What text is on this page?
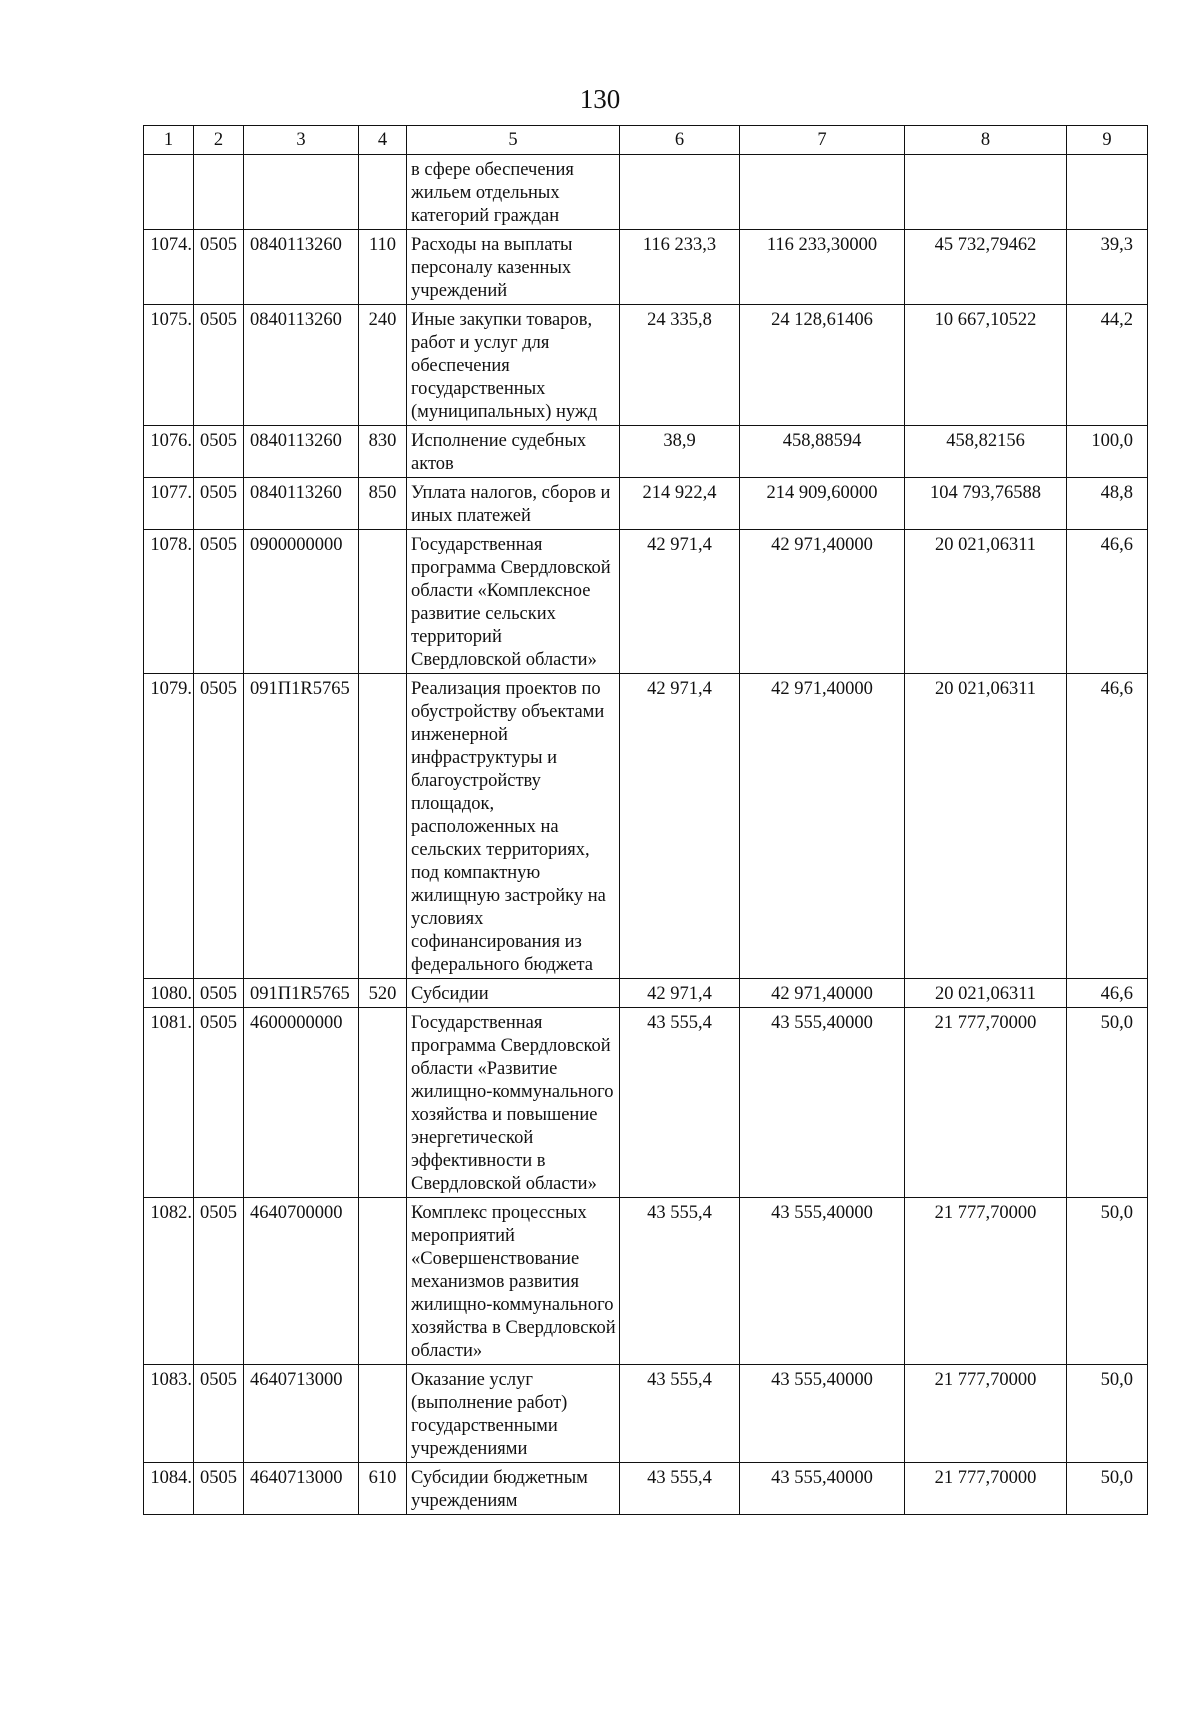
130
1	2	3	4	5	6	7	8	9
				в сфере обеспечения жильем отдельных категорий граждан				
1074.	0505	0840113260	110	Расходы на выплаты персоналу казенных учреждений	116 233,3	116 233,30000	45 732,79462	39,3
1075.	0505	0840113260	240	Иные закупки товаров, работ и услуг для обеспечения государственных (муниципальных) нужд	24 335,8	24 128,61406	10 667,10522	44,2
1076.	0505	0840113260	830	Исполнение судебных актов	38,9	458,88594	458,82156	100,0
1077.	0505	0840113260	850	Уплата налогов, сборов и иных платежей	214 922,4	214 909,60000	104 793,76588	48,8
1078.	0505	0900000000		Государственная программа Свердловской области «Комплексное развитие сельских территорий Свердловской области»	42 971,4	42 971,40000	20 021,06311	46,6
1079.	0505	091П1R5765		Реализация проектов по обустройству объектами инженерной инфраструктуры и благоустройству площадок, расположенных на сельских территориях, под компактную жилищную застройку на условиях софинансирования из федерального бюджета	42 971,4	42 971,40000	20 021,06311	46,6
1080.	0505	091П1R5765	520	Субсидии	42 971,4	42 971,40000	20 021,06311	46,6
1081.	0505	4600000000		Государственная программа Свердловской области «Развитие жилищно-коммунального хозяйства и повышение энергетической эффективности в Свердловской области»	43 555,4	43 555,40000	21 777,70000	50,0
1082.	0505	4640700000		Комплекс процессных мероприятий «Совершенствование механизмов развития жилищно-коммунального хозяйства в Свердловской области»	43 555,4	43 555,40000	21 777,70000	50,0
1083.	0505	4640713000		Оказание услуг (выполнение работ) государственными учреждениями	43 555,4	43 555,40000	21 777,70000	50,0
1084.	0505	4640713000	610	Субсидии бюджетным учреждениям	43 555,4	43 555,40000	21 777,70000	50,0
